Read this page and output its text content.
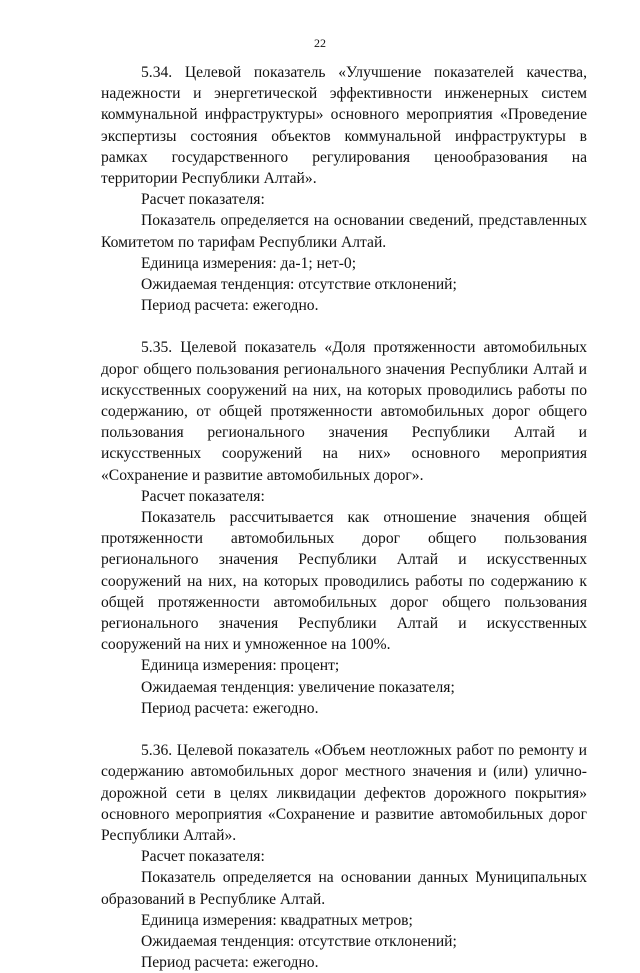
22

5.34. Целевой показатель «Улучшение показателей качества, надежности и энергетической эффективности инженерных систем коммунальной инфраструктуры» основного мероприятия «Проведение экспертизы состояния объектов коммунальной инфраструктуры в рамках государственного регулирования ценообразования на территории Республики Алтай».

Расчет показателя:

Показатель определяется на основании сведений, представленных Комитетом по тарифам Республики Алтай.

Единица измерения: да-1; нет-0;

Ожидаемая тенденция: отсутствие отклонений;

Период расчета: ежегодно.

5.35. Целевой показатель «Доля протяженности автомобильных дорог общего пользования регионального значения Республики Алтай и искусственных сооружений на них, на которых проводились работы по содержанию, от общей протяженности автомобильных дорог общего пользования регионального значения Республики Алтай и искусственных сооружений на них» основного мероприятия «Сохранение и развитие автомобильных дорог».

Расчет показателя:

Показатель рассчитывается как отношение значения общей протяженности автомобильных дорог общего пользования регионального значения Республики Алтай и искусственных сооружений на них, на которых проводились работы по содержанию к общей протяженности автомобильных дорог общего пользования регионального значения Республики Алтай и искусственных сооружений на них и умноженное на 100%.

Единица измерения: процент;

Ожидаемая тенденция: увеличение показателя;

Период расчета: ежегодно.

5.36. Целевой показатель «Объем неотложных работ по ремонту и содержанию автомобильных дорог местного значения и (или) улично-дорожной сети в целях ликвидации дефектов дорожного покрытия» основного мероприятия «Сохранение и развитие автомобильных дорог Республики Алтай».

Расчет показателя:

Показатель определяется на основании данных Муниципальных образований в Республике Алтай.

Единица измерения: квадратных метров;

Ожидаемая тенденция: отсутствие отклонений;

Период расчета: ежегодно.
